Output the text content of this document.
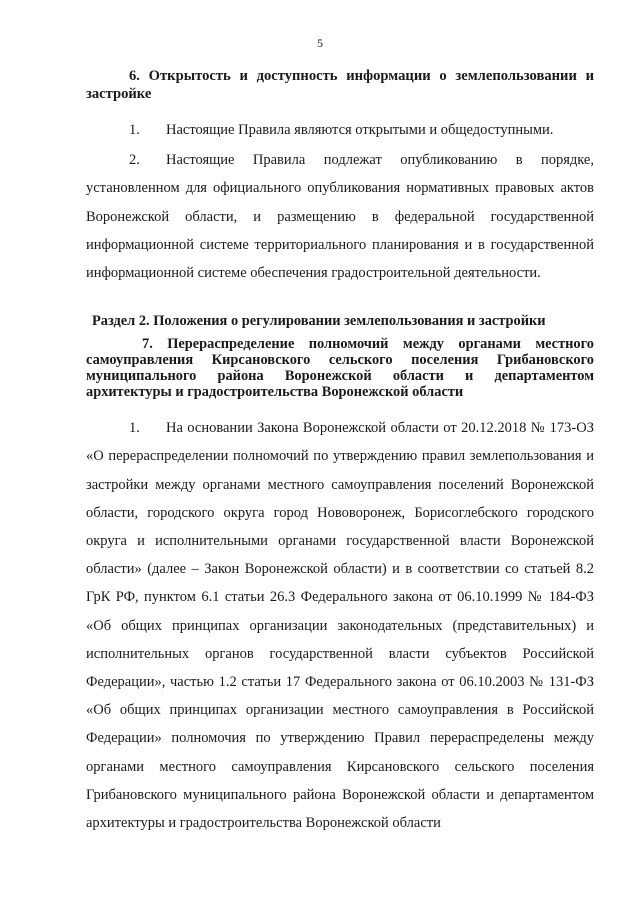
5
6. Открытость и доступность информации о землепользовании и застройке

1. Настоящие Правила являются открытыми и общедоступными.

2. Настоящие Правила подлежат опубликованию в порядке, установленном для официального опубликования нормативных правовых актов Воронежской области, и размещению в федеральной государственной информационной системе территориального планирования и в государственной информационной системе обеспечения градостроительной деятельности.

Раздел 2. Положения о регулировании землепользования и застройки
7. Перераспределение полномочий между органами местного самоуправления Кирсановского сельского поселения Грибановского муниципального района Воронежской области и департаментом архитектуры и градостроительства Воронежской области

1. На основании Закона Воронежской области от 20.12.2018 № 173-ОЗ «О перераспределении полномочий по утверждению правил землепользования и застройки между органами местного самоуправления поселений Воронежской области, городского округа город Нововоронеж, Борисоглебского городского округа и исполнительными органами государственной власти Воронежской области» (далее – Закон Воронежской области) и в соответствии со статьей 8.2 ГрК РФ, пунктом 6.1 статьи 26.3 Федерального закона от 06.10.1999 № 184-ФЗ «Об общих принципах организации законодательных (представительных) и исполнительных органов государственной власти субъектов Российской Федерации», частью 1.2 статьи 17 Федерального закона от 06.10.2003 № 131-ФЗ «Об общих принципах организации местного самоуправления в Российской Федерации» полномочия по утверждению Правил перераспределены между органами местного самоуправления Кирсановского сельского поселения Грибановского муниципального района Воронежской области и департаментом архитектуры и градостроительства Воронежской области
